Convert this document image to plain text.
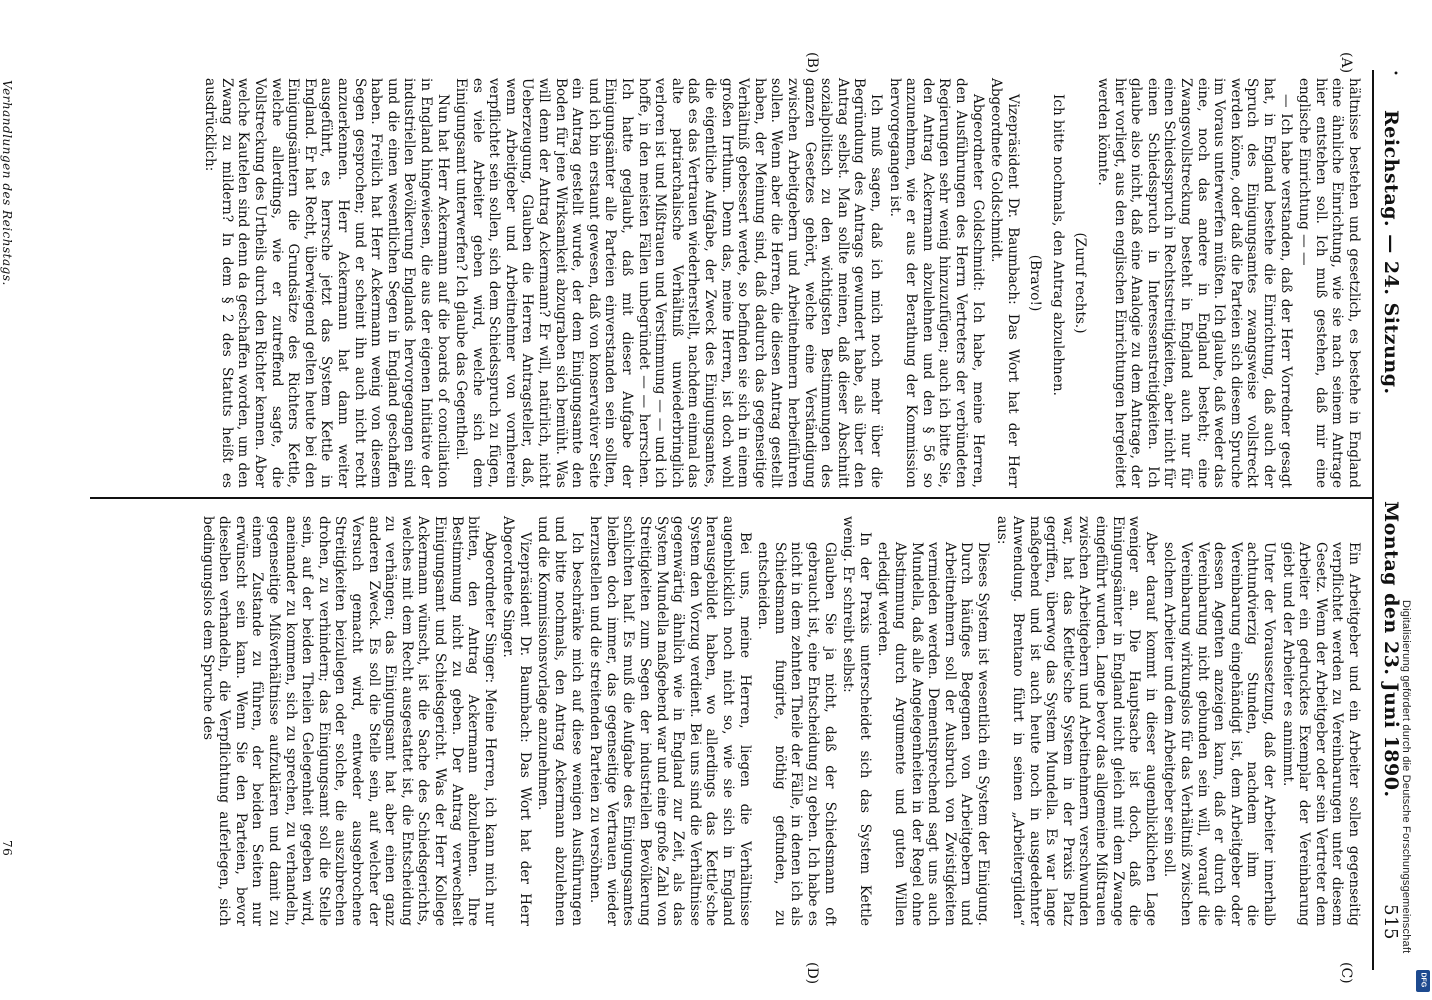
•
Reichstag. — 24. Sitzung.
Montag den 23. Juni 1890.
515
(A)
(B)
(C)
(D)

hältnisse bestehen und gesetzlich, es bestehe in England eine ähnliche Einrichtung, wie sie nach seinem Antrage hier entstehen soll. Ich muß gestehen, daß mir eine englische Einrichtung — —

— Ich habe verstanden, daß der Herr Vorredner gesagt hat, in England bestehe die Einrichtung, daß auch der Spruch des Einigungsamtes zwangsweise vollstreckt werden könne, oder daß die Parteien sich diesem Spruche im Voraus unterwerfen müßten. Ich glaube, daß weder das eine, noch das andere in England besteht; eine Zwangsvollstreckung besteht in England auch nur für einen Schiedsspruch in Rechtsstreitigkeiten, aber nicht für einen Schiedsspruch in Interessenstreitigkeiten. Ich glaube also nicht, daß eine Analogie zu dem Antrage, der hier vorliegt, aus den englischen Einrichtungen hergeleitet werden könnte.

(Zuruf rechts.)

Ich bitte nochmals, den Antrag abzulehnen.

(Bravo!)

Vizepräsident Dr. Baumbach: Das Wort hat der Herr Abgeordnete Goldschmidt.

Abgeordneter Goldschmidt: Ich habe, meine Herren, den Ausführungen des Herrn Vertreters der verbündeten Regierungen sehr wenig hinzuzufügen; auch ich bitte Sie, den Antrag Ackermann abzulehnen und den § 56 so anzunehmen, wie er aus der Berathung der Kommission hervorgegangen ist.

Ich muß sagen, daß ich mich noch mehr über die Begründung des Antrags gewundert habe, als über den Antrag selbst. Man sollte meinen, daß dieser Abschnitt sozialpolitisch zu den wichtigsten Bestimmungen des ganzen Gesetzes gehört, welche eine Verständigung zwischen Arbeitgebern und Arbeitnehmern herbeiführen sollen. Wenn aber die Herren, die diesen Antrag gestellt haben, der Meinung sind, daß dadurch das gegenseitige Verhältniß gebessert werde, so befinden sie sich in einem großen Irrthum. Denn das, meine Herren, ist doch wohl die eigentliche Aufgabe, der Zweck des Einigungsamtes, daß es das Vertrauen wiederherstellt, nachdem einmal das alte patriarchalische Verhältniß unwiederbringlich verloren ist und Mißtrauen und Verstimmung — — und ich hoffe, in den meisten Fällen unbegründet — — herrschen. Ich hatte geglaubt, daß mit dieser Aufgabe der Einigungsämter alle Parteien einverstanden sein sollten, und ich bin erstaunt gewesen, daß von konservativer Seite ein Antrag gestellt wurde, der dem Einigungsamte den Boden für jene Wirksamkeit abzugraben sich bemüht. Was will denn der Antrag Ackermann? Er will, natürlich, nicht Ueberzeugung, Glauben die Herren Antragsteller, daß, wenn Arbeitgeber und Arbeitnehmer von vornherein verpflichtet sein sollen, sich dem Schiedsspruch zu fügen, es viele Arbeiter geben wird, welche sich dem Einigungsamt unterwerfen? Ich glaube das Gegentheil.

Nun hat Herr Ackermann auf die boards of conciliation in England hingewiesen, die aus der eigenen Initiative der industriellen Bevölkerung Englands hervorgegangen sind und die einen wesentlichen Segen in England geschaffen haben. Freilich hat Herr Ackermann wenig von diesem Segen gesprochen; und er scheint ihn auch nicht recht anzuerkennen. Herr Ackermann hat dann weiter ausgeführt, es herrsche jetzt das System Kettle in England. Er hat Recht, überwiegend gelten heute bei den Einigungsämtern die Grundsätze des Richters Kettle, welche allerdings, wie er zutreffend sagte, die Vollstreckung des Urtheils durch den Richter kennen. Aber welche Kautelen sind denn da geschaffen worden, um den Zwang zu mildern? In dem § 2 des Statuts heißt es ausdrücklich:

Ein Arbeitgeber und ein Arbeiter sollen gegenseitig verpflichtet werden zu Vereinbarungen unter diesem Gesetz. Wenn der Arbeitgeber oder sein Vertreter dem Arbeiter ein gedrucktes Exemplar der Vereinbarung giebt und der Arbeiter es annimmt.

Unter der Voraussetzung, daß der Arbeiter innerhalb achtundvierzig Stunden, nachdem ihm die Vereinbarung eingehändigt ist, dem Arbeitgeber oder dessen Agenten anzeigen kann, daß er durch die Vereinbarung nicht gebunden sein will, worauf die Vereinbarung wirkungslos für das Verhältniß zwischen solchem Arbeiter und dem Arbeitgeber sein soll.

Aber darauf kommt in dieser augenblicklichen Lage weniger an. Die Hauptsache ist doch, daß die Einigungsämter in England nicht gleich mit dem Zwange eingeführt wurden. Lange bevor das allgemeine Mißtrauen zwischen Arbeitgebern und Arbeitnehmern verschwunden war, hat das Kettle'sche System in der Praxis Platz gegriffen, überwog das System Mundella. Es war lange maßgebend und ist auch heute noch in ausgedehnter Anwendung. Brentano führt in seinen „Arbeitergilden“ aus:

Dieses System ist wesentlich ein System der Einigung. Durch häufiges Begegnen von Arbeitgebern und Arbeitnehmern soll der Ausbruch von Zwistigkeiten vermieden werden. Dementsprechend sagt uns auch Mundella, daß alle Angelegenheiten in der Regel ohne Abstimmung durch Argumente und guten Willen erledigt werden.

In der Praxis unterscheidet sich das System Kettle wenig. Er schreibt selbst:

Glauben Sie ja nicht, daß der Schiedsmann oft gebraucht ist, eine Entscheidung zu geben. Ich habe es nicht in dem zehnten Theile der Fälle, in denen ich als Schiedsmann fungirte, nöthig gefunden, zu entscheiden.

Bei uns, meine Herren, liegen die Verhältnisse augenblicklich noch nicht so, wie sie sich in England herausgebildet haben, wo allerdings das Kettle'sche System den Vorzug verdient. Bei uns sind die Verhältnisse gegenwärtig ähnlich wie in England zur Zeit, als das System Mundella maßgebend war und eine große Zahl von Streitigkeiten zum Segen der industriellen Bevölkerung schlichten half. Es muß die Aufgabe des Einigungsamtes bleiben doch immer, das gegenseitige Vertrauen wieder herzustellen und die streitenden Parteien zu versöhnen.

Ich beschränke mich auf diese wenigen Ausführungen und bitte nochmals, den Antrag Ackermann abzulehnen und die Kommissionsvorlage anzunehmen.

Vizepräsident Dr. Baumbach: Das Wort hat der Herr Abgeordnete Singer.

Abgeordneter Singer: Meine Herren, ich kann mich nur bitten, den Antrag Ackermann abzulehnen. Ihre Bestimmung nicht zu geben. Der Antrag verwechselt Einigungsamt und Schiedsgericht. Was der Herr Kollege Ackermann wünscht, ist die Sache des Schiedsgerichts, welches mit dem Recht ausgestattet ist, die Entscheidung zu verhängen; das Einigungsamt hat aber einen ganz anderen Zweck. Es soll die Stelle sein, auf welcher der Versuch gemacht wird, entweder ausgebrochene Streitigkeiten beizulegen oder solche, die auszubrechen drohen, zu verhindern; das Einigungsamt soll die Stelle sein, auf der beiden Theilen Gelegenheit gegeben wird, aneinander zu kommen, sich zu sprechen, zu verhandeln, gegenseitige Mißverhältnisse aufzuklären und damit zu einem Zustande zu führen, der beiden Seiten nur erwünscht sein kann. Wenn Sie den Parteien, bevor dieselben verhandeln, die Verpflichtung auferlegen, sich bedingungslos dem Spruche des

Verhandlungen des Reichstags.
76	Digitalisierung gefördert durch die Deutsche Forschungsgemeinschaft
DFG
